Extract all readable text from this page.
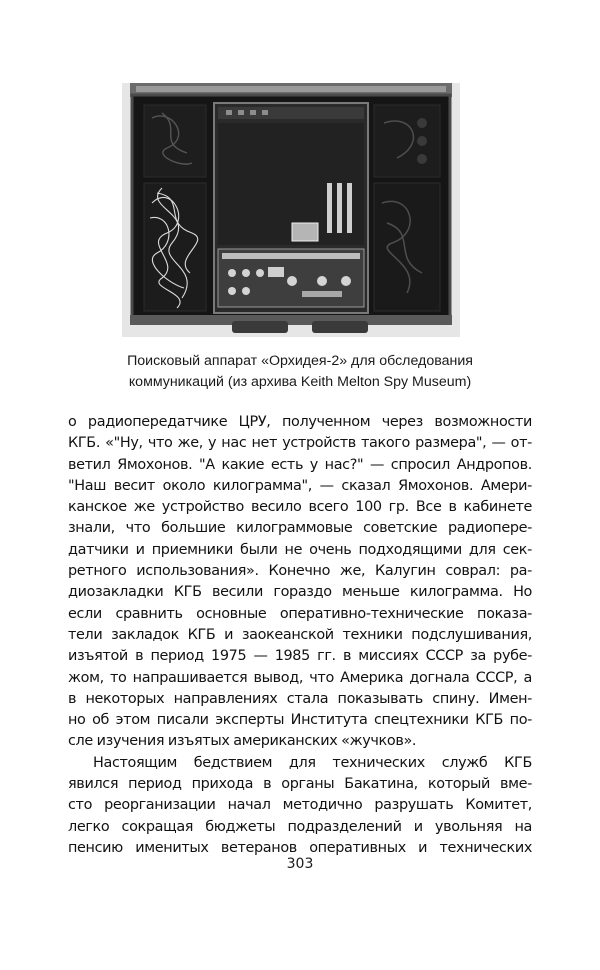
Поисковый аппарат «Орхидея-2» для обследования
коммуникаций (из архива Keith Melton Spy Museum)
о радиопередатчике ЦРУ, полученном через возможности
КГБ. «"Ну, что же, у нас нет устройств такого размера", — от-
ветил Ямохонов. "А какие есть у нас?" — спросил Андропов.
"Наш весит около килограмма", — сказал Ямохонов. Амери-
канское же устройство весило всего 100 гр. Все в кабинете
знали, что большие килограммовые советские радиопере-
датчики и приемники были не очень подходящими для сек-
ретного использования». Конечно же, Калугин соврал: ра-
диозакладки КГБ весили гораздо меньше килограмма. Но
если сравнить основные оперативно-технические показа-
тели закладок КГБ и заокеанской техники подслушивания,
изъятой в период 1975 — 1985 гг. в миссиях СССР за рубе-
жом, то напрашивается вывод, что Америка догнала СССР, а
в некоторых направлениях стала показывать спину. Имен-
но об этом писали эксперты Института спецтехники КГБ по-
сле изучения изъятых американских «жучков».
Настоящим бедствием для технических служб КГБ
явился период прихода в органы Бакатина, который вме-
сто реорганизации начал методично разрушать Комитет,
легко сокращая бюджеты подразделений и увольняя на
пенсию именитых ветеранов оперативных и технических
303
